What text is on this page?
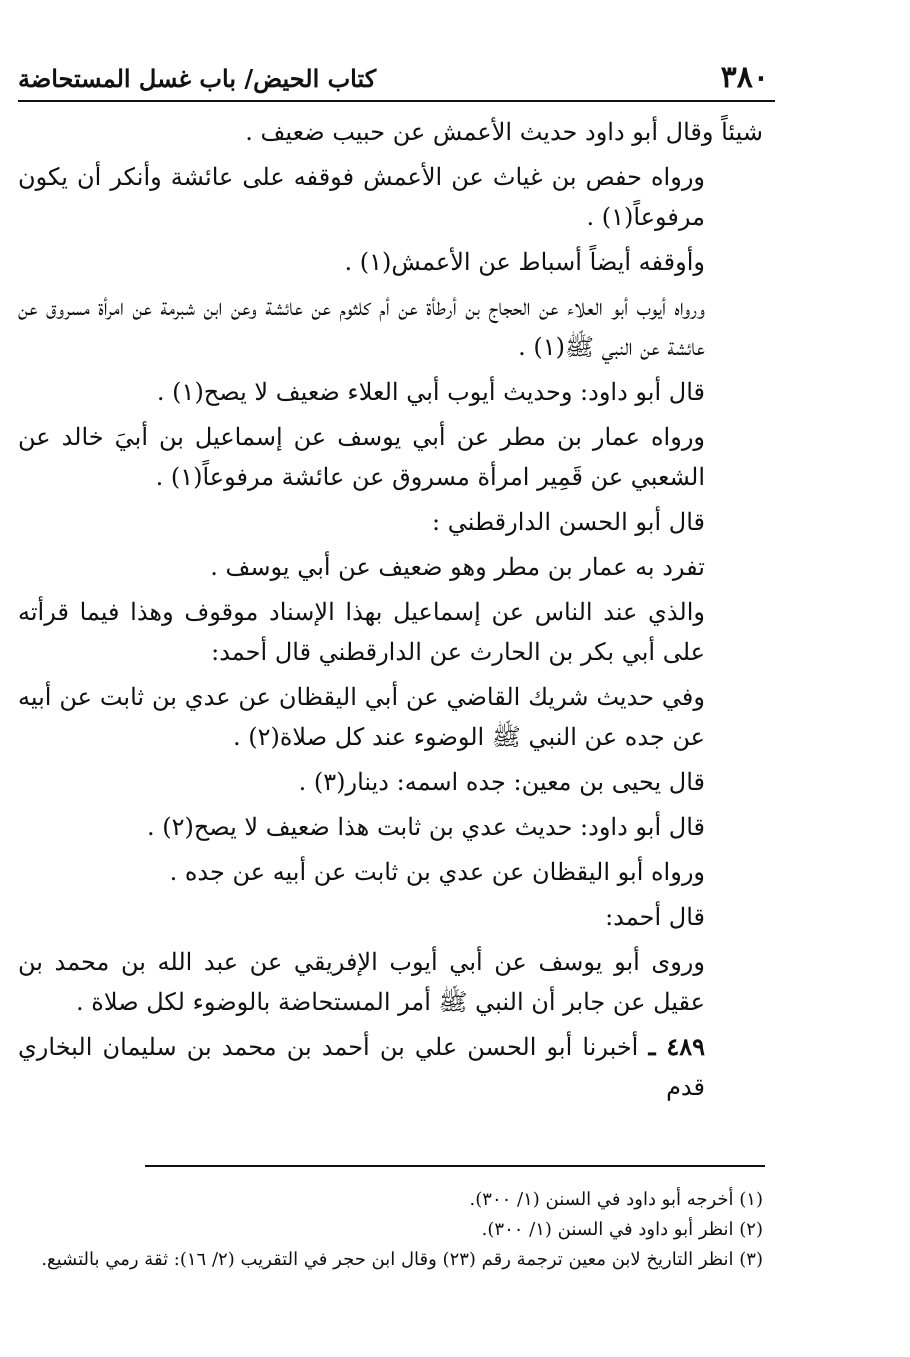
٣٨٠
كتاب الحيض/ باب غسل المستحاضة

شيئاً وقال أبو داود حديث الأعمش عن حبيب ضعيف .

ورواه حفص بن غياث عن الأعمش فوقفه على عائشة وأنكر أن يكون مرفوعاً(١) .

وأوقفه أيضاً أسباط عن الأعمش(١) .

ورواه أيوب أبو العلاء عن الحجاج بن أرطأة عن أم كلثوم عن عائشة وعن ابن شبرمة عن امرأة مسروق عن عائشة عن النبي ﷺ(١) .

قال أبو داود: وحديث أيوب أبي العلاء ضعيف لا يصح(١) .

ورواه عمار بن مطر عن أبي يوسف عن إسماعيل بن أبيَ خالد عن الشعبي عن قَمِير امرأة مسروق عن عائشة مرفوعاً(١) .

قال أبو الحسن الدارقطني :

تفرد به عمار بن مطر وهو ضعيف عن أبي يوسف .

والذي عند الناس عن إسماعيل بهذا الإسناد موقوف وهذا فيما قرأته على أبي بكر بن الحارث عن الدارقطني قال أحمد:

وفي حديث شريك القاضي عن أبي اليقظان عن عدي بن ثابت عن أبيه عن جده عن النبي ﷺ الوضوء عند كل صلاة(٢) .

قال يحيى بن معين: جده اسمه: دينار(٣) .

قال أبو داود: حديث عدي بن ثابت هذا ضعيف لا يصح(٢) .

ورواه أبو اليقظان عن عدي بن ثابت عن أبيه عن جده .

قال أحمد:

وروى أبو يوسف عن أبي أيوب الإفريقي عن عبد الله بن محمد بن عقيل عن جابر أن النبي ﷺ أمر المستحاضة بالوضوء لكل صلاة .

٤٨٩ ـ أخبرنا أبو الحسن علي بن أحمد بن محمد بن سليمان البخاري قدم

(١) أخرجه أبو داود في السنن (١/ ٣٠٠).

(٢) انظر أبو داود في السنن (١/ ٣٠٠).

(٣) انظر التاريخ لابن معين ترجمة رقم (٢٣) وقال ابن حجر في التقريب (٢/ ١٦): ثقة رمي بالتشيع.
